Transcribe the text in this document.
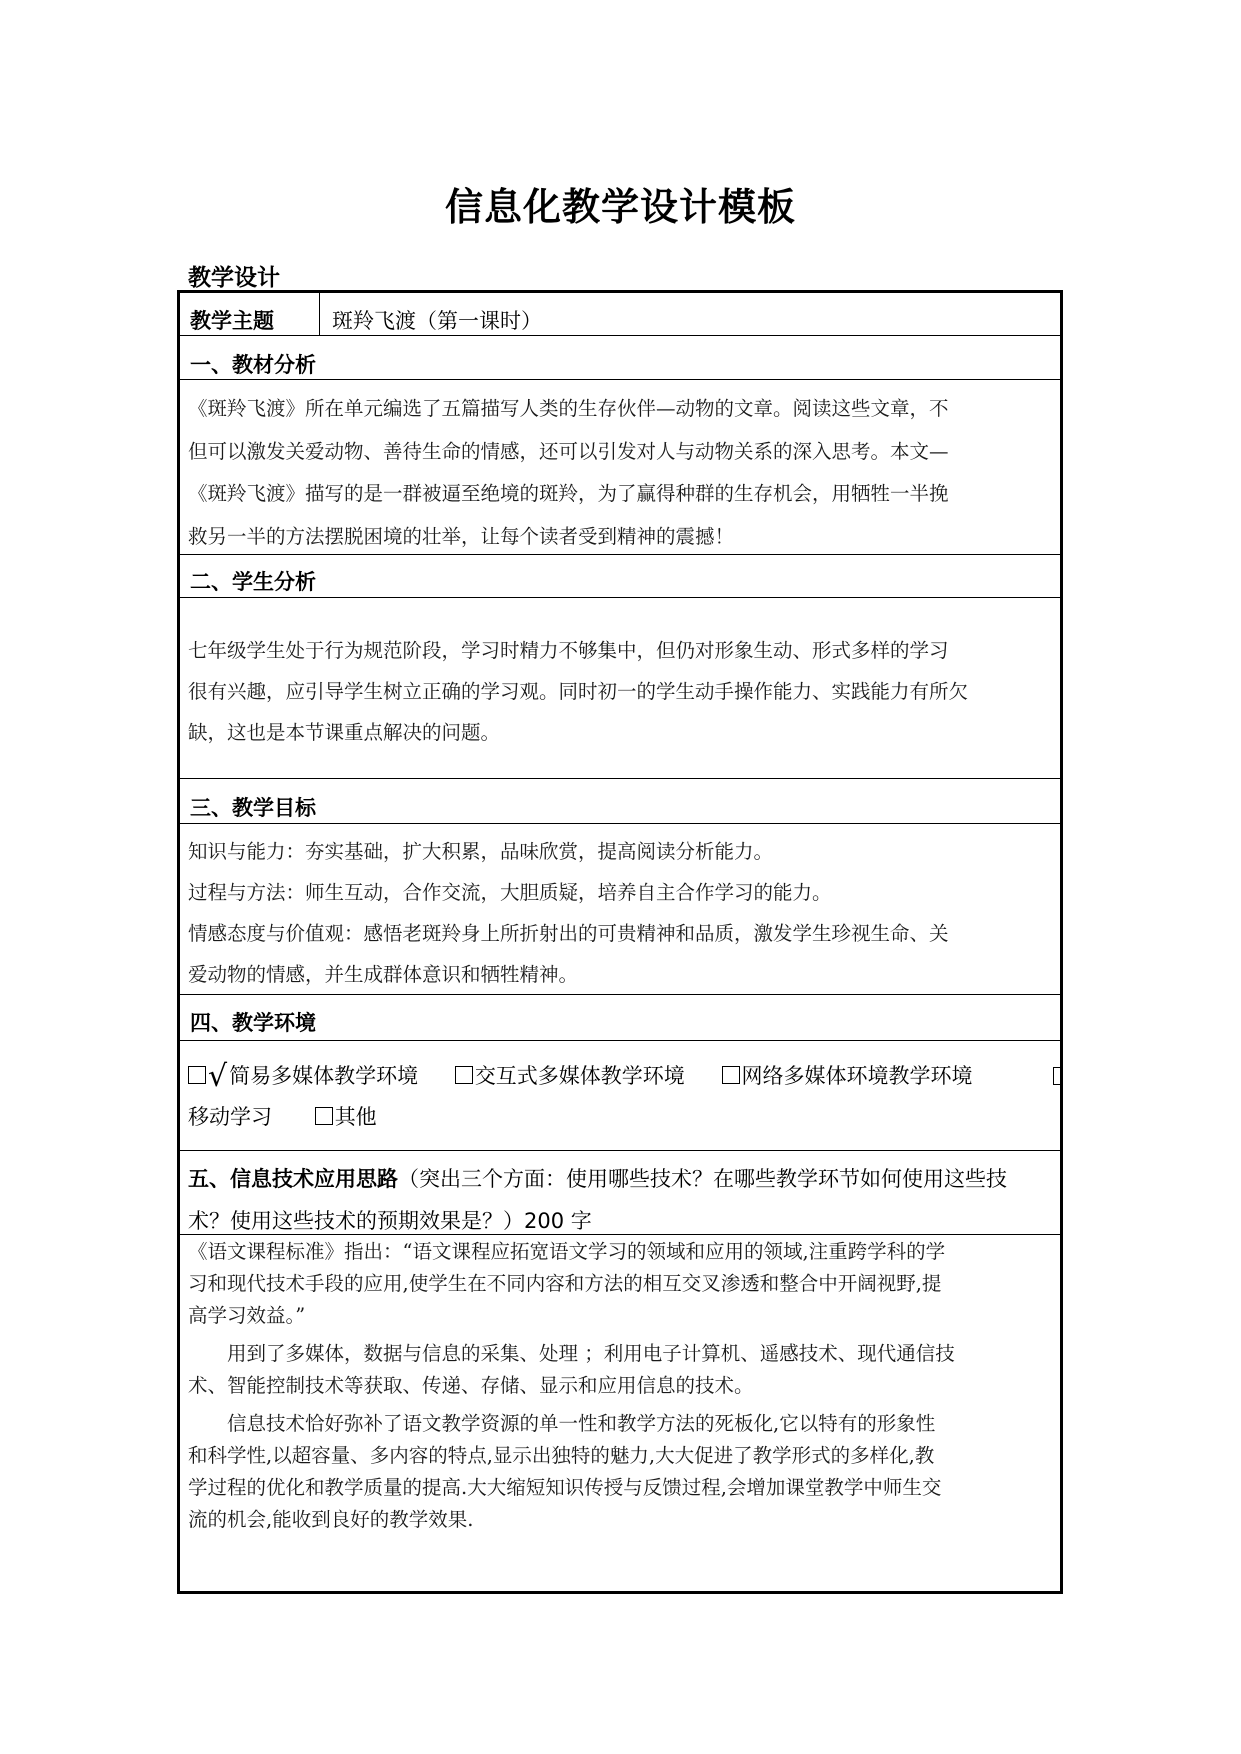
信息化教学设计模板
教学设计
教学主题	斑羚飞渡（第一课时）
一、教材分析

《斑羚飞渡》所在单元编选了五篇描写人类的生存伙伴—动物的文章。阅读这些文章，不

但可以激发关爱动物、善待生命的情感，还可以引发对人与动物关系的深入思考。本文—

《斑羚飞渡》描写的是一群被逼至绝境的斑羚，为了赢得种群的生存机会，用牺牲一半挽

救另一半的方法摆脱困境的壮举，让每个读者受到精神的震撼！

二、学生分析

七年级学生处于行为规范阶段，学习时精力不够集中，但仍对形象生动、形式多样的学习

很有兴趣，应引导学生树立正确的学习观。同时初一的学生动手操作能力、实践能力有所欠

缺，这也是本节课重点解决的问题。

三、教学目标

知识与能力：夯实基础，扩大积累，品味欣赏，提高阅读分析能力。

过程与方法：师生互动，合作交流，大胆质疑，培养自主合作学习的能力。

情感态度与价值观：感悟老斑羚身上所折射出的可贵精神和品质，激发学生珍视生命、关

爱动物的情感，并生成群体意识和牺牲精神。

四、教学环境
√简易多媒体教学环境	交互式多媒体教学环境	网络多媒体环境教学环境
移动学习	其他
五、信息技术应用思路（突出三个方面：使用哪些技术？在哪些教学环节如何使用这些技
术？使用这些技术的预期效果是？）200 字

《语文课程标准》指出：“语文课程应拓宽语文学习的领域和应用的领域,注重跨学科的学

习和现代技术手段的应用,使学生在不同内容和方法的相互交叉渗透和整合中开阔视野,提

高学习效益。”

用到了多媒体，数据与信息的采集、处理 ；利用电子计算机、遥感技术、现代通信技

术、智能控制技术等获取、传递、存储、显示和应用信息的技术。

信息技术恰好弥补了语文教学资源的单一性和教学方法的死板化,它以特有的形象性

和科学性,以超容量、多内容的特点,显示出独特的魅力,大大促进了教学形式的多样化,教

学过程的优化和教学质量的提高.大大缩短知识传授与反馈过程,会增加课堂教学中师生交

流的机会,能收到良好的教学效果.
